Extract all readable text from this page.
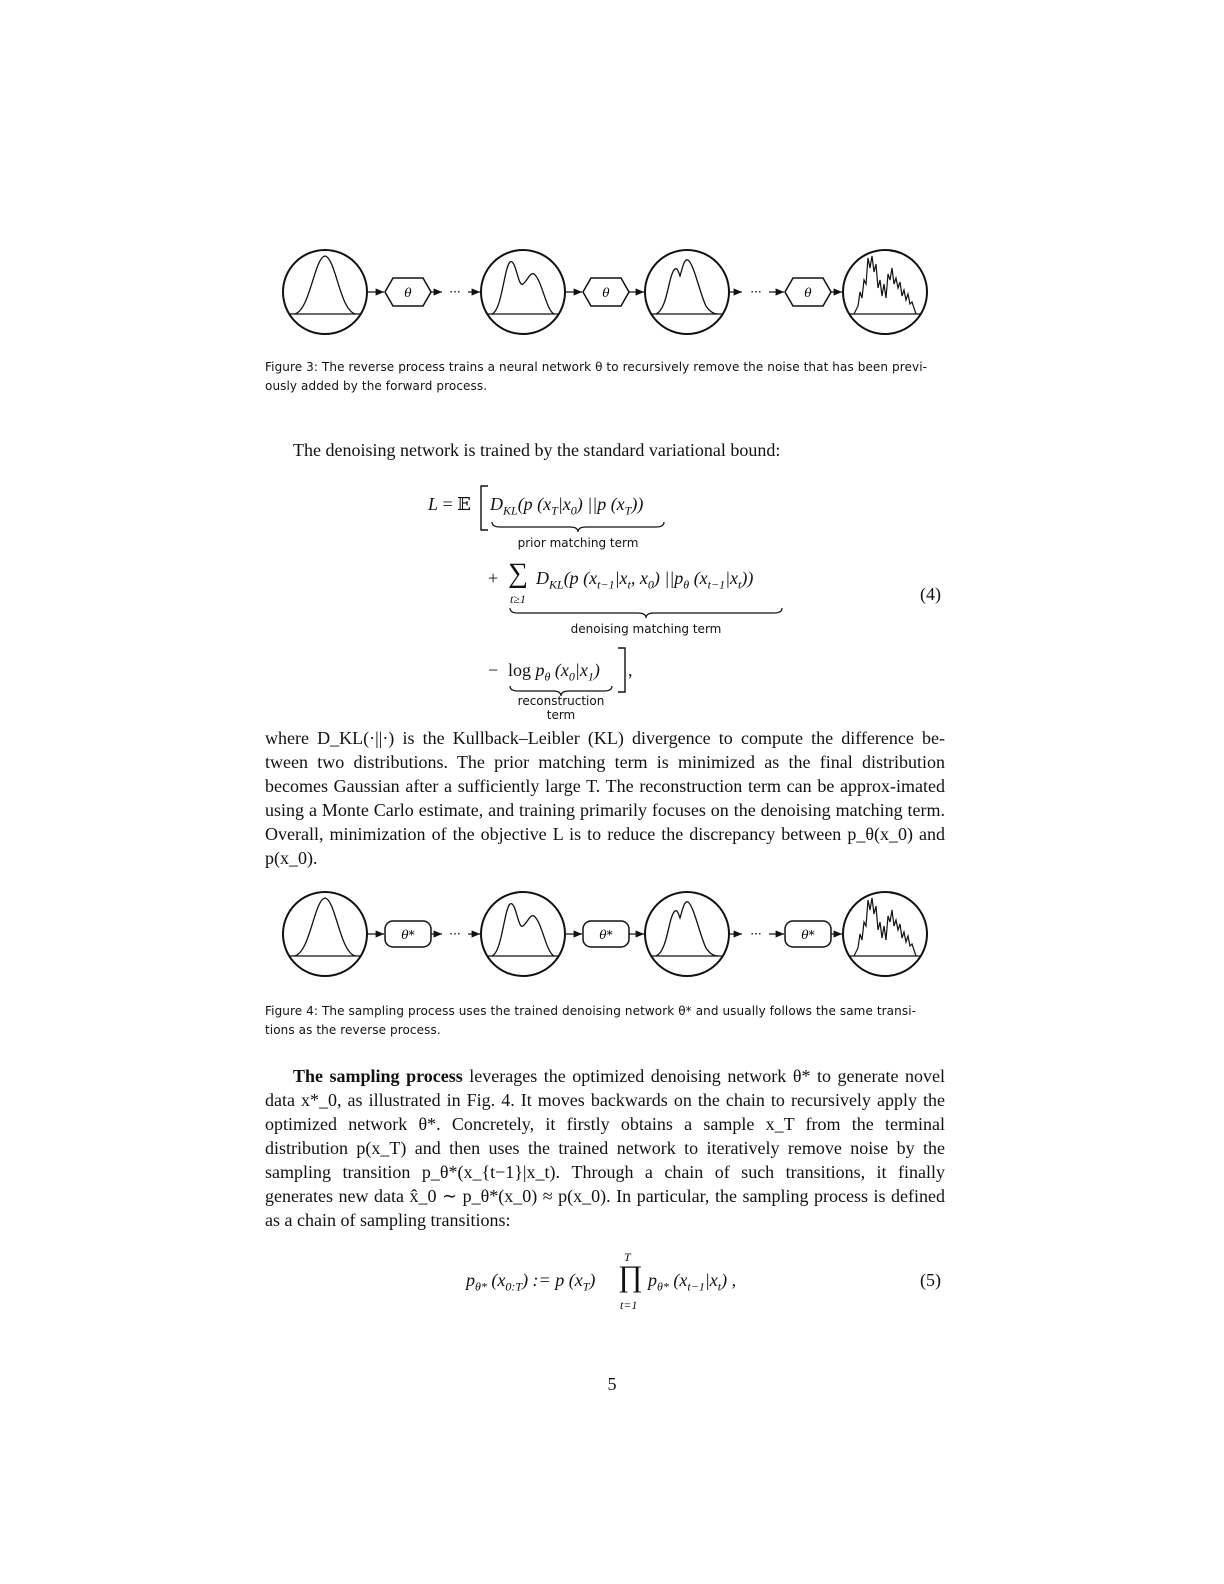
θ	···	θ	···	θ
Figure 3: The reverse process trains a neural network θ to recursively remove the noise that has been previ-ously added by the forward process.

The denoising network is trained by the standard variational bound:

L = 𝔼 $D_{KL}(p$ $(x_T|x_0)$ ||p $(x_T)$)
prior matching term
+ ∑
t≥1
$D_{KL}(p$ ($x_{t-1}|x_t$, $x_0$) $||p_\theta$ $(x_{t-1}|x_t)$)
denoising matching term
− $\log p_\theta$ $(x_0|x_1)$
reconstruction term
,
(4)

where D_KL(·||·) is the Kullback–Leibler (KL) divergence to compute the difference be-tween two distributions. The prior matching term is minimized as the final distribution becomes Gaussian after a sufficiently large T. The reconstruction term can be approx-imated using a Monte Carlo estimate, and training primarily focuses on the denoising matching term. Overall, minimization of the objective L is to reduce the discrepancy between p_θ(x_0) and p(x_0).

θ*	···	θ*	···	θ*
Figure 4: The sampling process uses the trained denoising network θ* and usually follows the same transi-tions as the reverse process.

The sampling process leverages the optimized denoising network θ* to generate novel data x*_0, as illustrated in Fig. 4. It moves backwards on the chain to recursively apply the optimized network θ*. Concretely, it firstly obtains a sample x_T from the terminal distribution p(x_T) and then uses the trained network to iteratively remove noise by the sampling transition p_θ*(x_{t−1}|x_t). Through a chain of such transitions, it finally generates new data x̂_0 ∼ p_θ*(x_0) ≈ p(x_0). In particular, the sampling process is defined as a chain of sampling transitions:

$p_{\theta*}$ $(x_{0:T})$ := p $(x_T)$
T
∏
t=1
$p_{\theta*}$ $(x_{t-1}|x_t)$ ,	(5)
5
